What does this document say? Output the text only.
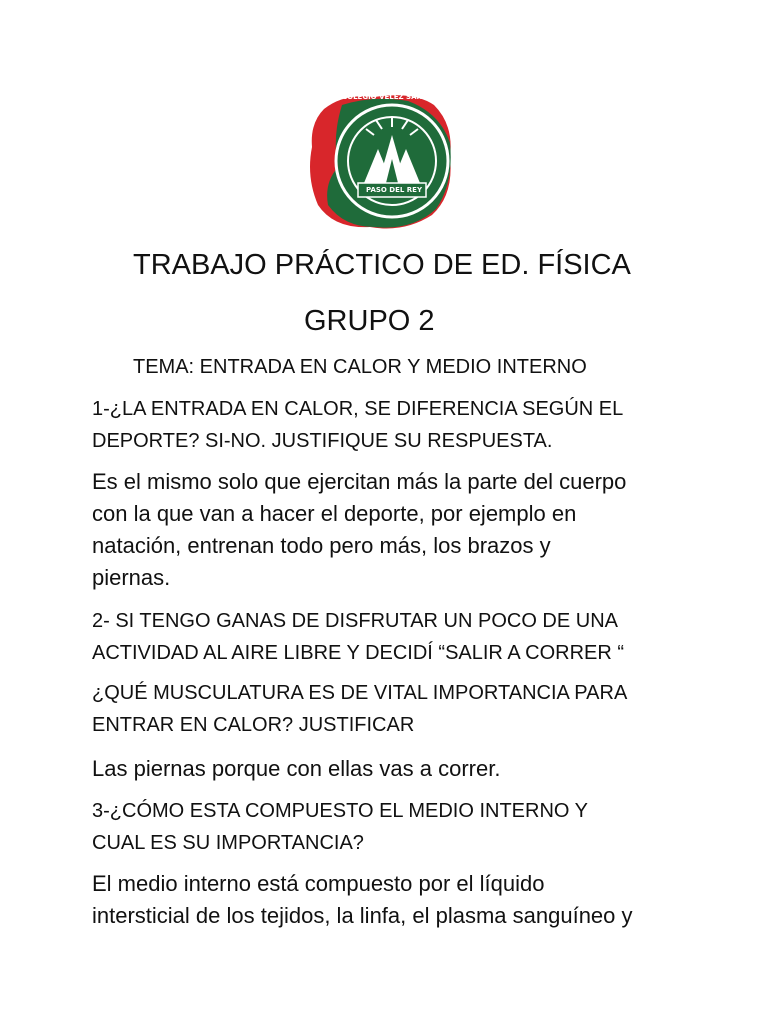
PASO DEL REY
COLEGIO VÉLEZ SARSFIELD
TRABAJO PRÁCTICO DE ED. FÍSICA
GRUPO 2
TEMA: ENTRADA EN CALOR Y MEDIO INTERNO
1-¿LA ENTRADA EN CALOR, SE DIFERENCIA SEGÚN EL
DEPORTE? SI-NO. JUSTIFIQUE SU RESPUESTA.
Es el mismo solo que ejercitan más la parte del cuerpo
con la que van a hacer el deporte, por ejemplo en
natación, entrenan todo pero más, los brazos y
piernas.
2- SI TENGO GANAS DE DISFRUTAR UN POCO DE UNA
ACTIVIDAD AL AIRE LIBRE Y DECIDÍ “SALIR A CORRER “
¿QUÉ MUSCULATURA ES DE VITAL IMPORTANCIA PARA
ENTRAR EN CALOR? JUSTIFICAR
Las piernas porque con ellas vas a correr.
3-¿CÓMO ESTA COMPUESTO EL MEDIO INTERNO Y
CUAL ES SU IMPORTANCIA?
El medio interno está compuesto por el líquido
intersticial de los tejidos, la linfa, el plasma sanguíneo y
